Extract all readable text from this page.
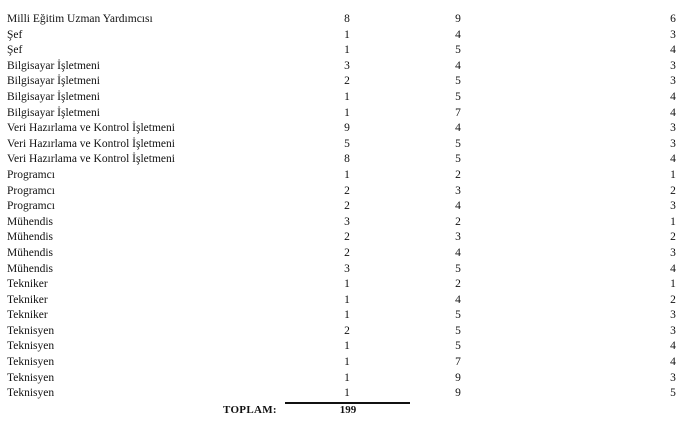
Milli Eğitim Uzman Yardımcısı	8	9	6
Şef	1	4	3
Şef	1	5	4
Bilgisayar İşletmeni	3	4	3
Bilgisayar İşletmeni	2	5	3
Bilgisayar İşletmeni	1	5	4
Bilgisayar İşletmeni	1	7	4
Veri Hazırlama ve Kontrol İşletmeni	9	4	3
Veri Hazırlama ve Kontrol İşletmeni	5	5	3
Veri Hazırlama ve Kontrol İşletmeni	8	5	4
Programcı	1	2	1
Programcı	2	3	2
Programcı	2	4	3
Mühendis	3	2	1
Mühendis	2	3	2
Mühendis	2	4	3
Mühendis	3	5	4
Tekniker	1	2	1
Tekniker	1	4	2
Tekniker	1	5	3
Teknisyen	2	5	3
Teknisyen	1	5	4
Teknisyen	1	7	4
Teknisyen	1	9	3
Teknisyen	1	9	5
TOPLAM:	199
